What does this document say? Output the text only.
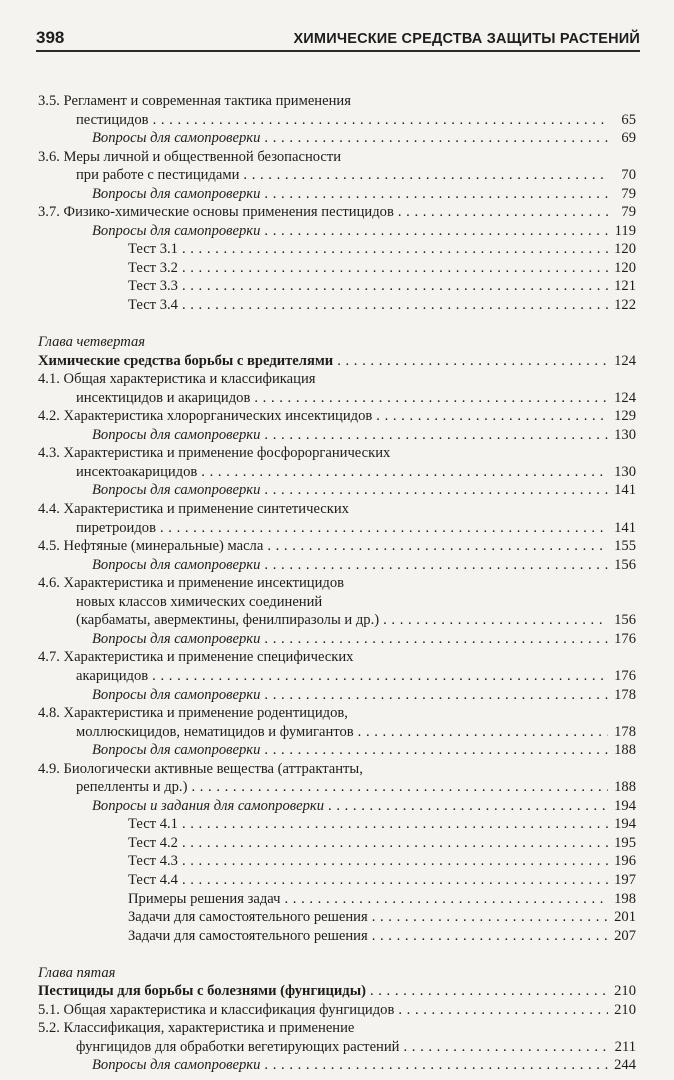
398	ХИМИЧЕСКИЕ СРЕДСТВА ЗАЩИТЫ РАСТЕНИЙ
3.5. Регламент и современная тактика применения
пестицидов . . .	65
Вопросы для самопроверки . . .	69
3.6. Меры личной и общественной безопасности
при работе с пестицидами . . .	70
Вопросы для самопроверки . . .	79
3.7. Физико-химические основы применения пестицидов . . .	79
Вопросы для самопроверки . . .	119
Тест 3.1 . . .	120
Тест 3.2 . . .	120
Тест 3.3 . . .	121
Тест 3.4 . . .	122
Глава четвертая
Химические средства борьбы с вредителями . . .	124
4.1. Общая характеристика и классификация
инсектицидов и акарицидов . . .	124
4.2. Характеристика хлорорганических инсектицидов . . .	129
Вопросы для самопроверки . . .	130
4.3. Характеристика и применение фосфорорганических
инсектоакарицидов . . .	130
Вопросы для самопроверки . . .	141
4.4. Характеристика и применение синтетических
пиретроидов . . .	141
4.5. Нефтяные (минеральные) масла . . .	155
Вопросы для самопроверки . . .	156
4.6. Характеристика и применение инсектицидов
новых классов химических соединений
(карбаматы, авермектины, фенилпиразолы и др.) . . .	156
Вопросы для самопроверки . . .	176
4.7. Характеристика и применение специфических
акарицидов . . .	176
Вопросы для самопроверки . . .	178
4.8. Характеристика и применение родентицидов,
моллюскицидов, нематицидов и фумигантов . . .	178
Вопросы для самопроверки . . .	188
4.9. Биологически активные вещества (аттрактанты,
репелленты и др.) . . .	188
Вопросы и задания для самопроверки . . .	194
Тест 4.1 . . .	194
Тест 4.2 . . .	195
Тест 4.3 . . .	196
Тест 4.4 . . .	197
Примеры решения задач . . .	198
Задачи для самостоятельного решения . . .	201
Задачи для самостоятельного решения . . .	207
Глава пятая
Пестициды для борьбы с болезнями (фунгициды) . . .	210
5.1. Общая характеристика и классификация фунгицидов . . .	210
5.2. Классификация, характеристика и применение
фунгицидов для обработки вегетирующих растений . . .	211
Вопросы для самопроверки . . .	244
